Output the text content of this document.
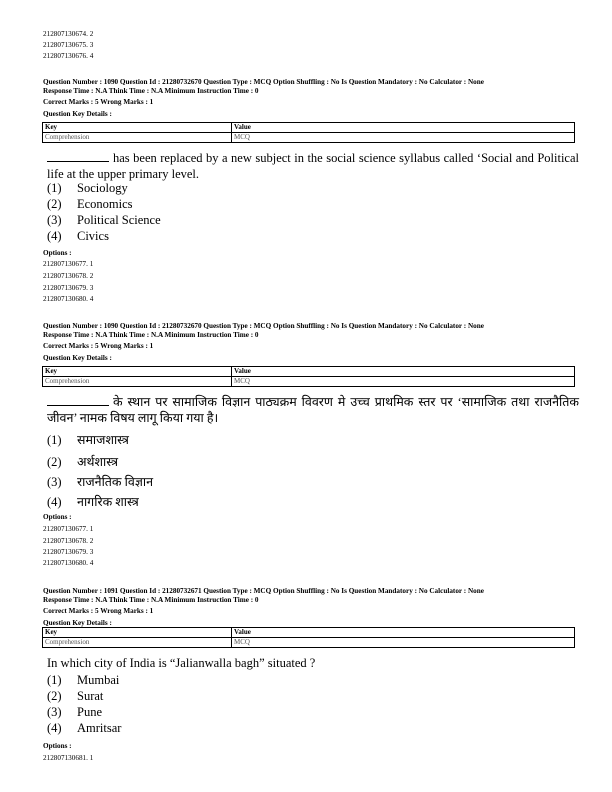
212807130674. 2
212807130675. 3
212807130676. 4
Question Number : 1090 Question Id : 21280732670 Question Type : MCQ Option Shuffling : No Is Question Mandatory : No Calculator : None
Response Time : N.A Think Time : N.A Minimum Instruction Time : 0
Correct Marks : 5 Wrong Marks : 1
Question Key Details :
Key	Value
Comprehension	MCQ
has been replaced by a new subject in the social science syllabus called ‘Social and Political life at the upper primary level.
(1) Sociology
(2) Economics
(3) Political Science
(4) Civics
Options :
212807130677. 1
212807130678. 2
212807130679. 3
212807130680. 4
Question Number : 1090 Question Id : 21280732670 Question Type : MCQ Option Shuffling : No Is Question Mandatory : No Calculator : None
Response Time : N.A Think Time : N.A Minimum Instruction Time : 0
Correct Marks : 5 Wrong Marks : 1
Question Key Details :
Key	Value
Comprehension	MCQ
के स्थान पर सामाजिक विज्ञान पाठ्यक्रम विवरण मे उच्च प्राथमिक स्तर पर ‘सामाजिक तथा राजनैतिक जीवन’ नामक विषय लागू किया गया है।
(1) समाजशास्त्र
(2) अर्थशास्त्र
(3) राजनैतिक विज्ञान
(4) नागरिक शास्त्र
Options :
212807130677. 1
212807130678. 2
212807130679. 3
212807130680. 4
Question Number : 1091 Question Id : 21280732671 Question Type : MCQ Option Shuffling : No Is Question Mandatory : No Calculator : None
Response Time : N.A Think Time : N.A Minimum Instruction Time : 0
Correct Marks : 5 Wrong Marks : 1
Question Key Details :
Key	Value
Comprehension	MCQ
In which city of India is “Jalianwalla bagh” situated ?
(1) Mumbai
(2) Surat
(3) Pune
(4) Amritsar
Options :
212807130681. 1
